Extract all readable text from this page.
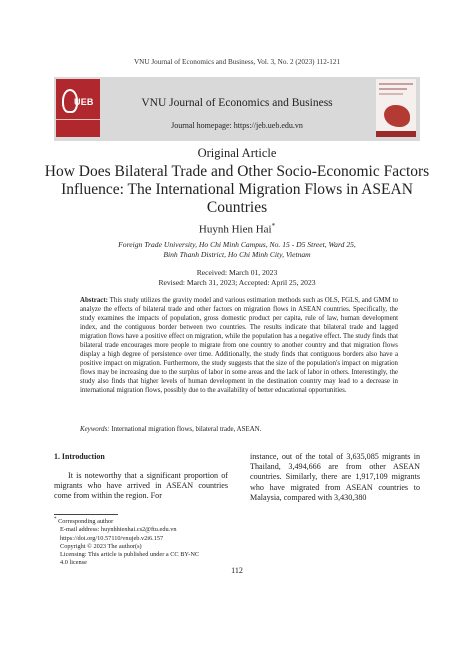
VNU Journal of Economics and Business, Vol. 3, No. 2 (2023) 112-121
UEB	VNU Journal of Economics and Business
Journal homepage: https://jeb.ueb.edu.vn
Original Article
How Does Bilateral Trade and Other Socio-Economic Factors Influence: The International Migration Flows in ASEAN Countries
Huynh Hien Hai*
Foreign Trade University, Ho Chi Minh Campus, No. 15 - D5 Street, Ward 25,
Binh Thanh District, Ho Chi Minh City, Vietnam
Received: March 01, 2023
Revised: March 31, 2023; Accepted: April 25, 2023
Abstract: This study utilizes the gravity model and various estimation methods such as OLS, FGLS, and GMM to analyze the effects of bilateral trade and other factors on migration flows in ASEAN countries. Specifically, the study examines the impacts of population, gross domestic product per capita, rule of law, human development index, and the contiguous border between two countries. The results indicate that bilateral trade and lagged migration flows have a positive effect on migration, while the population has a negative effect. The study finds that bilateral trade encourages more people to migrate from one country to another country and that migration flows display a high degree of persistence over time. Additionally, the study finds that contiguous borders also have a positive impact on migration. Furthermore, the study suggests that the size of the population's impact on migration flows may be increasing due to the surplus of labor in some areas and the lack of labor in others. Interestingly, the study also finds that higher levels of human development in the destination country may lead to a decrease in international migration flows, possibly due to the availability of better educational opportunities.
Keywords: International migration flows, bilateral trade, ASEAN.
1. Introduction
It is noteworthy that a significant proportion of migrants who have arrived in ASEAN countries come from within the region. For
instance, out of the total of 3,635,085 migrants in Thailand, 3,494,666 are from other ASEAN countries. Similarly, there are 1,917,109 migrants who have migrated from ASEAN countries to Malaysia, compared with 3,430,380
* Corresponding author
E-mail address: huynhhienhai.cs2@ftu.edu.vn
https://doi.org/10.57110/vnujeb.v2i6.157
Copyright © 2023 The author(s)
Licensing: This article is published under a CC BY-NC
4.0 license
112
